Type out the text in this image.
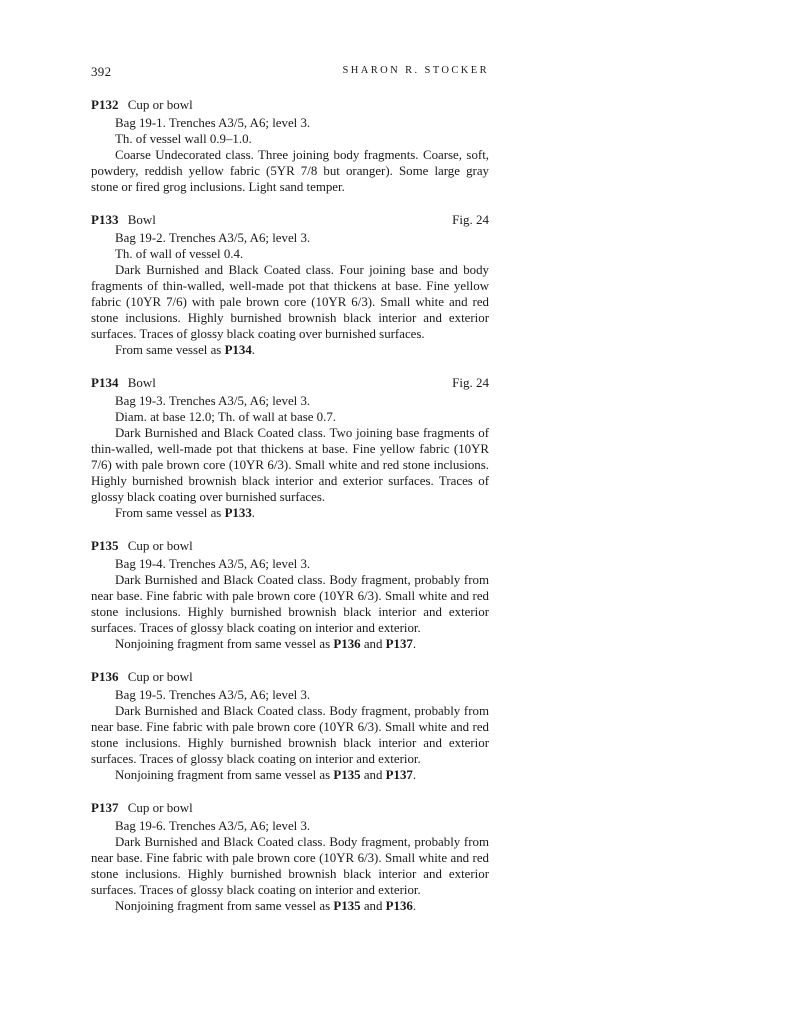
392	SHARON R. STOCKER
P132 Cup or bowl

Bag 19-1. Trenches A3/5, A6; level 3.

Th. of vessel wall 0.9–1.0.

Coarse Undecorated class. Three joining body fragments. Coarse, soft, powdery, reddish yellow fabric (5YR 7/8 but oranger). Some large gray stone or fired grog inclusions. Light sand temper.

P133 Bowl	Fig. 24

Bag 19-2. Trenches A3/5, A6; level 3.

Th. of wall of vessel 0.4.

Dark Burnished and Black Coated class. Four joining base and body fragments of thin-walled, well-made pot that thickens at base. Fine yellow fabric (10YR 7/6) with pale brown core (10YR 6/3). Small white and red stone inclusions. Highly burnished brownish black interior and exterior surfaces. Traces of glossy black coating over burnished surfaces.

From same vessel as P134.

P134 Bowl	Fig. 24

Bag 19-3. Trenches A3/5, A6; level 3.

Diam. at base 12.0; Th. of wall at base 0.7.

Dark Burnished and Black Coated class. Two joining base fragments of thin-walled, well-made pot that thickens at base. Fine yellow fabric (10YR 7/6) with pale brown core (10YR 6/3). Small white and red stone inclusions. Highly burnished brownish black interior and exterior surfaces. Traces of glossy black coating over burnished surfaces.

From same vessel as P133.

P135 Cup or bowl

Bag 19-4. Trenches A3/5, A6; level 3.

Dark Burnished and Black Coated class. Body fragment, probably from near base. Fine fabric with pale brown core (10YR 6/3). Small white and red stone inclusions. Highly burnished brownish black interior and exterior surfaces. Traces of glossy black coating on interior and exterior.

Nonjoining fragment from same vessel as P136 and P137.

P136 Cup or bowl

Bag 19-5. Trenches A3/5, A6; level 3.

Dark Burnished and Black Coated class. Body fragment, probably from near base. Fine fabric with pale brown core (10YR 6/3). Small white and red stone inclusions. Highly burnished brownish black interior and exterior surfaces. Traces of glossy black coating on interior and exterior.

Nonjoining fragment from same vessel as P135 and P137.

P137 Cup or bowl

Bag 19-6. Trenches A3/5, A6; level 3.

Dark Burnished and Black Coated class. Body fragment, probably from near base. Fine fabric with pale brown core (10YR 6/3). Small white and red stone inclusions. Highly burnished brownish black interior and exterior surfaces. Traces of glossy black coating on interior and exterior.

Nonjoining fragment from same vessel as P135 and P136.
